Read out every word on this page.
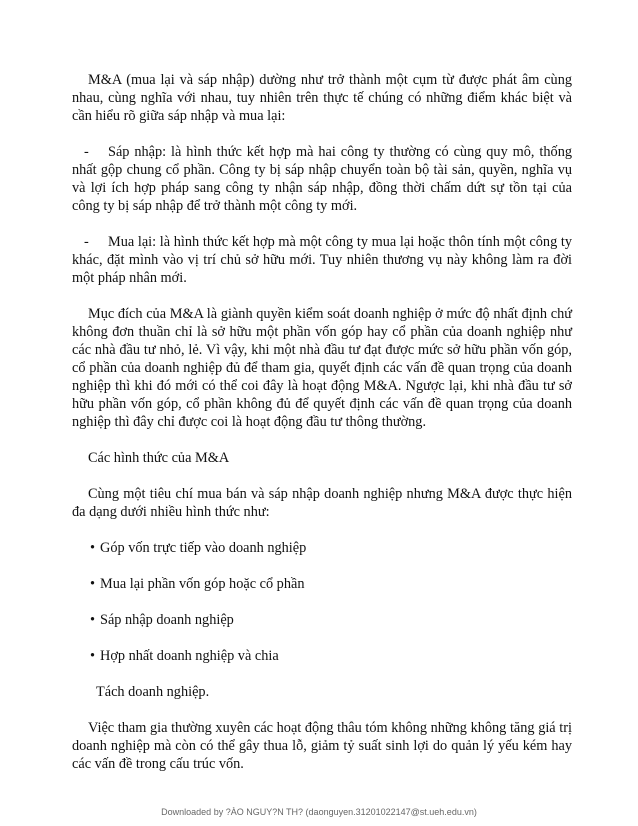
M&A (mua lại và sáp nhập) dường như trở thành một cụm từ được phát âm cùng nhau, cùng nghĩa với nhau, tuy nhiên trên thực tế chúng có những điểm khác biệt và cần hiểu rõ giữa sáp nhập và mua lại:

- Sáp nhập: là hình thức kết hợp mà hai công ty thường có cùng quy mô, thống nhất gộp chung cổ phần. Công ty bị sáp nhập chuyển toàn bộ tài sản, quyền, nghĩa vụ và lợi ích hợp pháp sang công ty nhận sáp nhập, đồng thời chấm dứt sự tồn tại của công ty bị sáp nhập để trở thành một công ty mới.

- Mua lại: là hình thức kết hợp mà một công ty mua lại hoặc thôn tính một công ty khác, đặt mình vào vị trí chủ sở hữu mới. Tuy nhiên thương vụ này không làm ra đời một pháp nhân mới.

Mục đích của M&A là giành quyền kiểm soát doanh nghiệp ở mức độ nhất định chứ không đơn thuần chỉ là sở hữu một phần vốn góp hay cổ phần của doanh nghiệp như các nhà đầu tư nhỏ, lẻ. Vì vậy, khi một nhà đầu tư đạt được mức sở hữu phần vốn góp, cổ phần của doanh nghiệp đủ để tham gia, quyết định các vấn đề quan trọng của doanh nghiệp thì khi đó mới có thể coi đây là hoạt động M&A. Ngược lại, khi nhà đầu tư sở hữu phần vốn góp, cổ phần không đủ để quyết định các vấn đề quan trọng của doanh nghiệp thì đây chỉ được coi là hoạt động đầu tư thông thường.

Các hình thức của M&A

Cùng một tiêu chí mua bán và sáp nhập doanh nghiệp nhưng M&A được thực hiện đa dạng dưới nhiều hình thức như:

• Góp vốn trực tiếp vào doanh nghiệp
• Mua lại phần vốn góp hoặc cổ phần
• Sáp nhập doanh nghiệp
• Hợp nhất doanh nghiệp và chia

Tách doanh nghiệp.

Việc tham gia thường xuyên các hoạt động thâu tóm không những không tăng giá trị doanh nghiệp mà còn có thể gây thua lỗ, giảm tỷ suất sinh lợi do quản lý yếu kém hay các vấn đề trong cấu trúc vốn.

Downloaded by ?ÀO NGUY?N TH? (daonguyen.31201022147@st.ueh.edu.vn)
